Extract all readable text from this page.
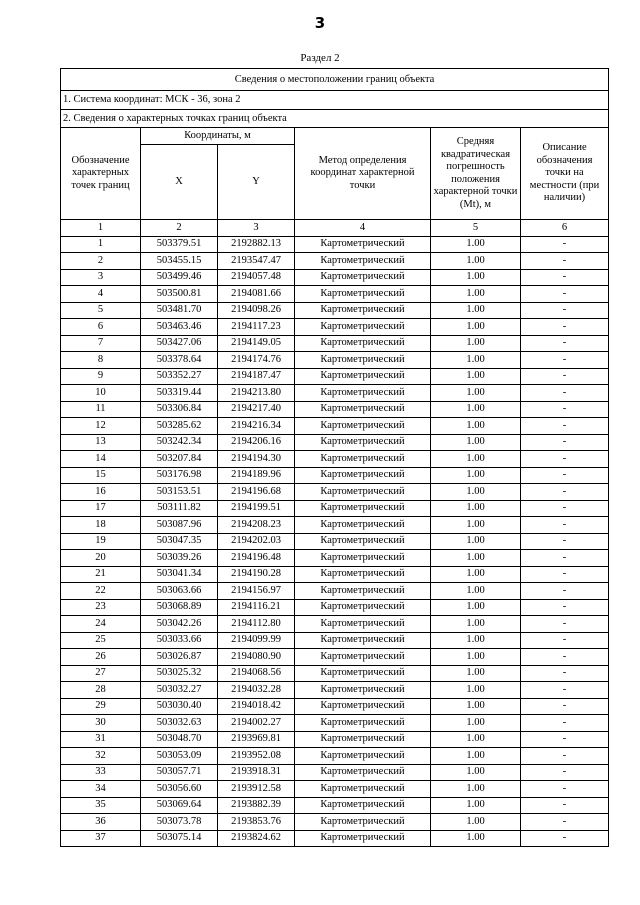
3
Раздел 2
Сведения о местоположении границ объекта					
1. Система координат: МСК - 36, зона 2					
2. Сведения о характерных точках границ объекта					
Обозначение характерных точек границ	Координаты, м		Метод определения координат характерной точки	Средняя квадратическая погрешность положения характерной точки (Mt), м	Описание обозначения точки на местности (при наличии)
	X	Y			
1	2	3	4	5	6
1	503379.51	2192882.13	Картометрический	1.00	-
2	503455.15	2193547.47	Картометрический	1.00	-
3	503499.46	2194057.48	Картометрический	1.00	-
4	503500.81	2194081.66	Картометрический	1.00	-
5	503481.70	2194098.26	Картометрический	1.00	-
6	503463.46	2194117.23	Картометрический	1.00	-
7	503427.06	2194149.05	Картометрический	1.00	-
8	503378.64	2194174.76	Картометрический	1.00	-
9	503352.27	2194187.47	Картометрический	1.00	-
10	503319.44	2194213.80	Картометрический	1.00	-
11	503306.84	2194217.40	Картометрический	1.00	-
12	503285.62	2194216.34	Картометрический	1.00	-
13	503242.34	2194206.16	Картометрический	1.00	-
14	503207.84	2194194.30	Картометрический	1.00	-
15	503176.98	2194189.96	Картометрический	1.00	-
16	503153.51	2194196.68	Картометрический	1.00	-
17	503111.82	2194199.51	Картометрический	1.00	-
18	503087.96	2194208.23	Картометрический	1.00	-
19	503047.35	2194202.03	Картометрический	1.00	-
20	503039.26	2194196.48	Картометрический	1.00	-
21	503041.34	2194190.28	Картометрический	1.00	-
22	503063.66	2194156.97	Картометрический	1.00	-
23	503068.89	2194116.21	Картометрический	1.00	-
24	503042.26	2194112.80	Картометрический	1.00	-
25	503033.66	2194099.99	Картометрический	1.00	-
26	503026.87	2194080.90	Картометрический	1.00	-
27	503025.32	2194068.56	Картометрический	1.00	-
28	503032.27	2194032.28	Картометрический	1.00	-
29	503030.40	2194018.42	Картометрический	1.00	-
30	503032.63	2194002.27	Картометрический	1.00	-
31	503048.70	2193969.81	Картометрический	1.00	-
32	503053.09	2193952.08	Картометрический	1.00	-
33	503057.71	2193918.31	Картометрический	1.00	-
34	503056.60	2193912.58	Картометрический	1.00	-
35	503069.64	2193882.39	Картометрический	1.00	-
36	503073.78	2193853.76	Картометрический	1.00	-
37	503075.14	2193824.62	Картометрический	1.00	-
